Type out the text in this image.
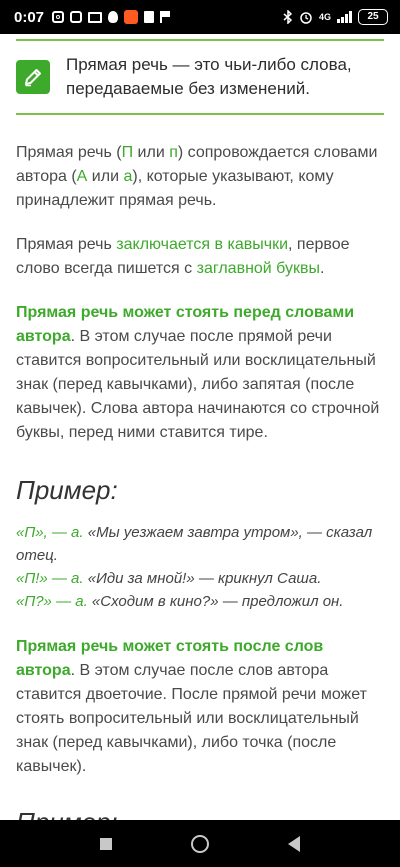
0:07	4G	25
Прямая речь — это чьи-либо слова, передаваемые без изменений.

Прямая речь (П или п) сопровождается словами автора (А или а), которые указывают, кому принадлежит прямая речь.

Прямая речь заключается в кавычки, первое слово всегда пишется с заглавной буквы.

Прямая речь может стоять перед словами автора. В этом случае после прямой речи ставится вопросительный или восклицательный знак (перед кавычками), либо запятая (после кавычек). Слова автора начинаются со строчной буквы, перед ними ставится тире.

Пример:

«П», — а. «Мы уезжаем завтра утром», — сказал отец.

«П!» — а. «Иди за мной!» — крикнул Саша.

«П?» — а. «Сходим в кино?» — предложил он.

Прямая речь может стоять после слов автора. В этом случае после слов автора ставится двоеточие. После прямой речи может стоять вопросительный или восклицательный знак (перед кавычками), либо точка (после кавычек).
